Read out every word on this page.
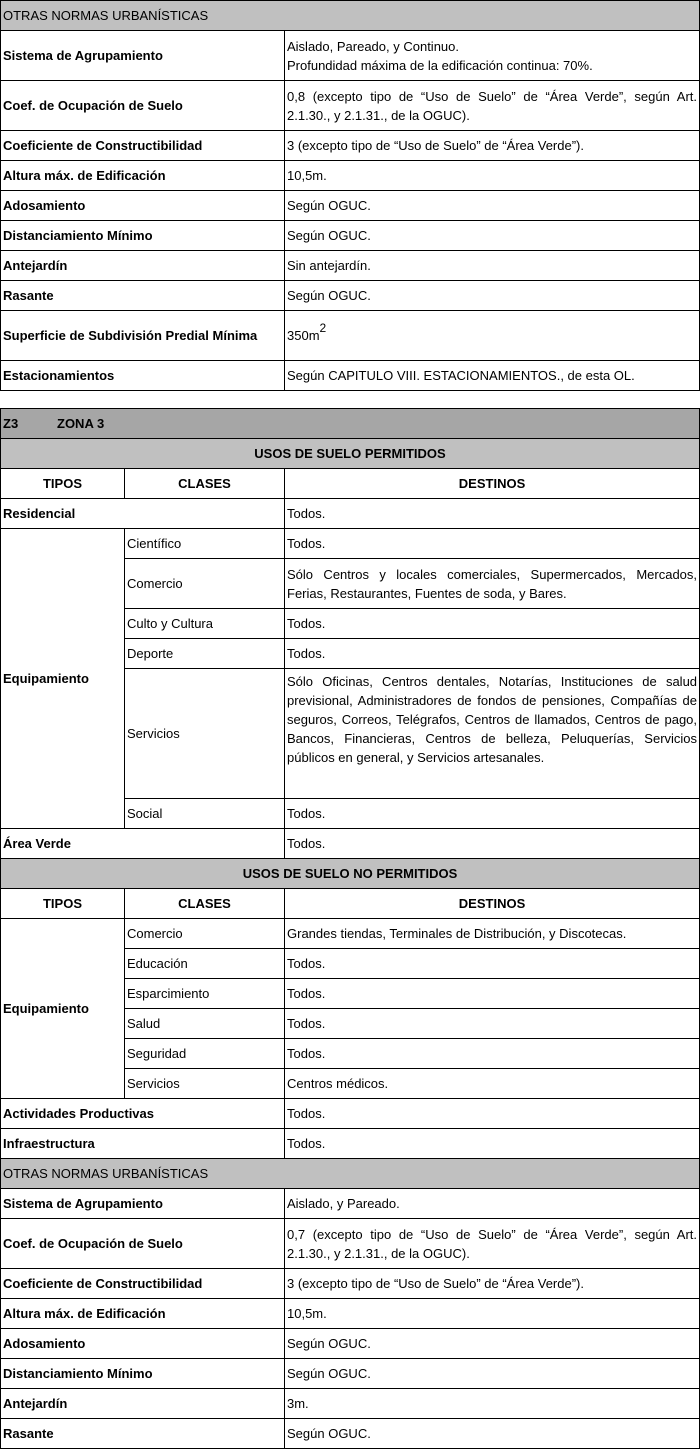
OTRAS NORMAS URBANÍSTICAS	
Sistema de Agrupamiento	Aislado, Pareado, y Continuo.
Profundidad máxima de la edificación continua: 70%.
Coef. de Ocupación de Suelo	0,8 (excepto tipo de “Uso de Suelo” de “Área Verde”, según Art. 2.1.30., y 2.1.31., de la OGUC).
Coeficiente de Constructibilidad	3 (excepto tipo de “Uso de Suelo” de “Área Verde”).
Altura máx. de Edificación	10,5m.
Adosamiento	Según OGUC.
Distanciamiento Mínimo	Según OGUC.
Antejardín	Sin antejardín.
Rasante	Según OGUC.
Superficie de Subdivisión Predial Mínima	$350m^2$
Estacionamientos	Según CAPITULO VIII. ESTACIONAMIENTOS., de esta OL.
Z3 ZONA 3		
USOS DE SUELO PERMITIDOS		
TIPOS	CLASES	DESTINOS
Residencial		Todos.
Equipamiento	Científico	Todos.
	Comercio	Sólo Centros y locales comerciales, Supermercados, Mercados, Ferias, Restaurantes, Fuentes de soda, y Bares.
	Culto y Cultura	Todos.
	Deporte	Todos.
	Servicios	Sólo Oficinas, Centros dentales, Notarías, Instituciones de salud previsional, Administradores de fondos de pensiones, Compañías de seguros, Correos, Telégrafos, Centros de llamados, Centros de pago, Bancos, Financieras, Centros de belleza, Peluquerías, Servicios públicos en general, y Servicios artesanales.
	Social	Todos.
Área Verde		Todos.
USOS DE SUELO NO PERMITIDOS		
TIPOS	CLASES	DESTINOS
Equipamiento	Comercio	Grandes tiendas, Terminales de Distribución, y Discotecas.
	Educación	Todos.
	Esparcimiento	Todos.
	Salud	Todos.
	Seguridad	Todos.
	Servicios	Centros médicos.
Actividades Productivas		Todos.
Infraestructura		Todos.
OTRAS NORMAS URBANÍSTICAS		
Sistema de Agrupamiento		Aislado, y Pareado.
Coef. de Ocupación de Suelo		0,7 (excepto tipo de “Uso de Suelo” de “Área Verde”, según Art. 2.1.30., y 2.1.31., de la OGUC).
Coeficiente de Constructibilidad		3 (excepto tipo de “Uso de Suelo” de “Área Verde”).
Altura máx. de Edificación		10,5m.
Adosamiento		Según OGUC.
Distanciamiento Mínimo		Según OGUC.
Antejardín		3m.
Rasante		Según OGUC.
